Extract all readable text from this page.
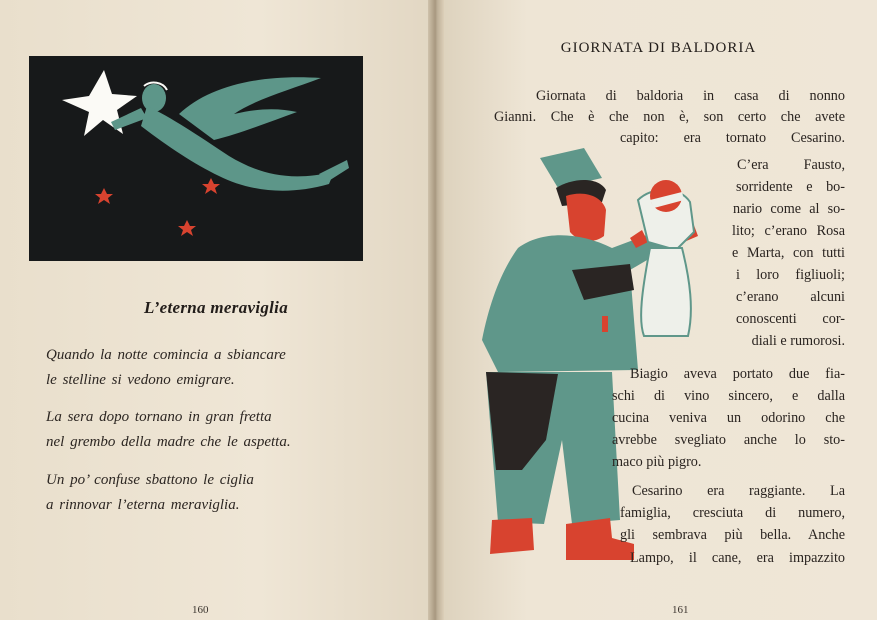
L’eterna meraviglia
Quando la notte comincia a sbiancare
le stelline si vedono emigrare.
La sera dopo tornano in gran fretta
nel grembo della madre che le aspetta.
Un po’ confuse sbattono le ciglia
a rinnovar l’eterna meraviglia.
160
GIORNATA DI BALDORIA
Giornata di baldoria in casa di nonno
Gianni. Che è che non è, son certo che avete
capito: era tornato Cesarino.
C’era Fausto,
sorridente e bo-
nario come al so-
lito; c’erano Rosa
e Marta, con tutti
i loro figliuoli;
c’erano alcuni
conoscenti cor-
diali e rumorosi.
Biagio aveva portato due fia-
schi di vino sincero, e dalla
cucina veniva un odorino che
avrebbe svegliato anche lo sto-
maco più pigro.
Cesarino era raggiante. La
famiglia, cresciuta di numero,
gli sembrava più bella. Anche
Lampo, il cane, era impazzito
161
